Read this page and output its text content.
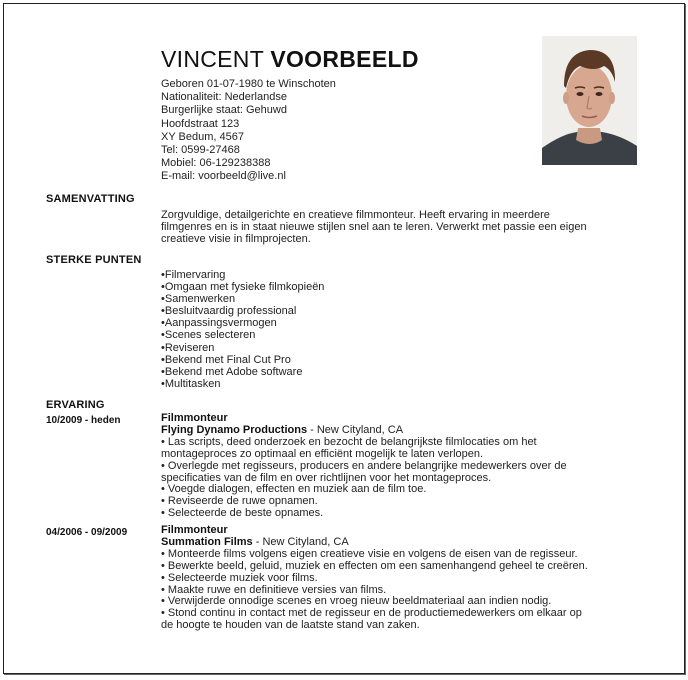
VINCENT VOORBEELD
Geboren 01-07-1980 te Winschoten
Nationaliteit: Nederlandse
Burgerlijke staat: Gehuwd
Hoofdstraat 123
XY Bedum, 4567
Tel: 0599-27468
Mobiel: 06-129238388
E-mail: voorbeeld@live.nl
SAMENVATTING
Zorgvuldige, detailgerichte en creatieve filmmonteur. Heeft ervaring in meerdere
filmgenres en is in staat nieuwe stijlen snel aan te leren. Verwerkt met passie een eigen
creatieve visie in filmprojecten.
STERKE PUNTEN
• Filmervaring
• Omgaan met fysieke filmkopieën
• Samenwerken
• Besluitvaardig professional
• Aanpassingsvermogen
• Scenes selecteren
• Reviseren
• Bekend met Final Cut Pro
• Bekend met Adobe software
• Multitasken
ERVARING
10/2009 - heden	Filmmonteur
Flying Dynamo Productions - New Cityland, CA
• Las scripts, deed onderzoek en bezocht de belangrijkste filmlocaties om het
montageproces zo optimaal en efficiënt mogelijk te laten verlopen.
• Overlegde met regisseurs, producers en andere belangrijke medewerkers over de
specificaties van de film en over richtlijnen voor het montageproces.
• Voegde dialogen, effecten en muziek aan de film toe.
• Reviseerde de ruwe opnamen.
• Selecteerde de beste opnames.
04/2006 - 09/2009	Filmmonteur
Summation Films - New Cityland, CA
• Monteerde films volgens eigen creatieve visie en volgens de eisen van de regisseur.
• Bewerkte beeld, geluid, muziek en effecten om een samenhangend geheel te creëren.
• Selecteerde muziek voor films.
• Maakte ruwe en definitieve versies van films.
• Verwijderde onnodige scenes en vroeg nieuw beeldmateriaal aan indien nodig.
• Stond continu in contact met de regisseur en de productiemedewerkers om elkaar op
de hoogte te houden van de laatste stand van zaken.
